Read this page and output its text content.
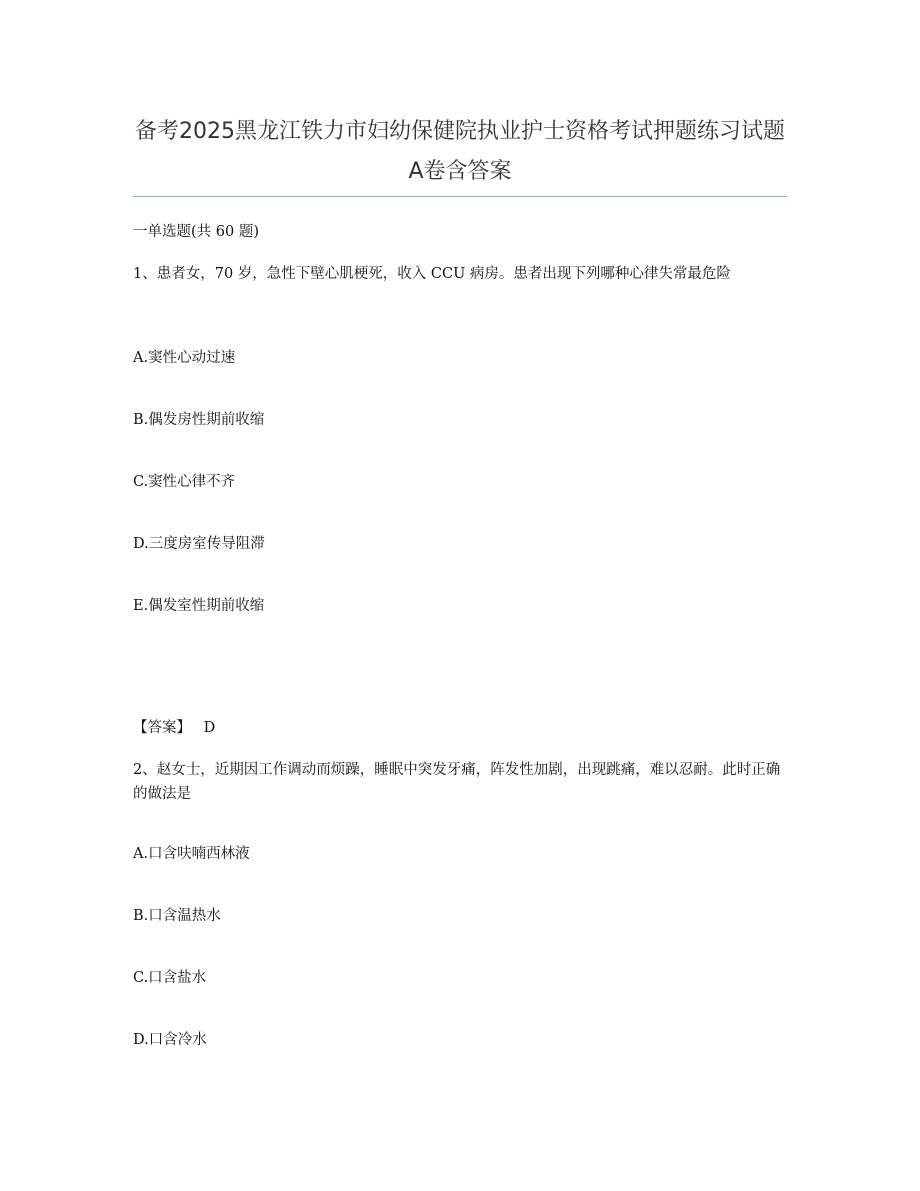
备考2025黑龙江铁力市妇幼保健院执业护士资格考试押题练习试题A卷含答案

一单选题(共 60 题)

1、患者女，70 岁，急性下壁心肌梗死，收入 CCU 病房。患者出现下列哪种心律失常最危险

A.窦性心动过速

B.偶发房性期前收缩

C.窦性心律不齐

D.三度房室传导阻滞

E.偶发室性期前收缩

【答案】 D

2、赵女士，近期因工作调动而烦躁，睡眠中突发牙痛，阵发性加剧，出现跳痛，难以忍耐。此时正确的做法是

A.口含呋喃西林液

B.口含温热水

C.口含盐水

D.口含冷水
